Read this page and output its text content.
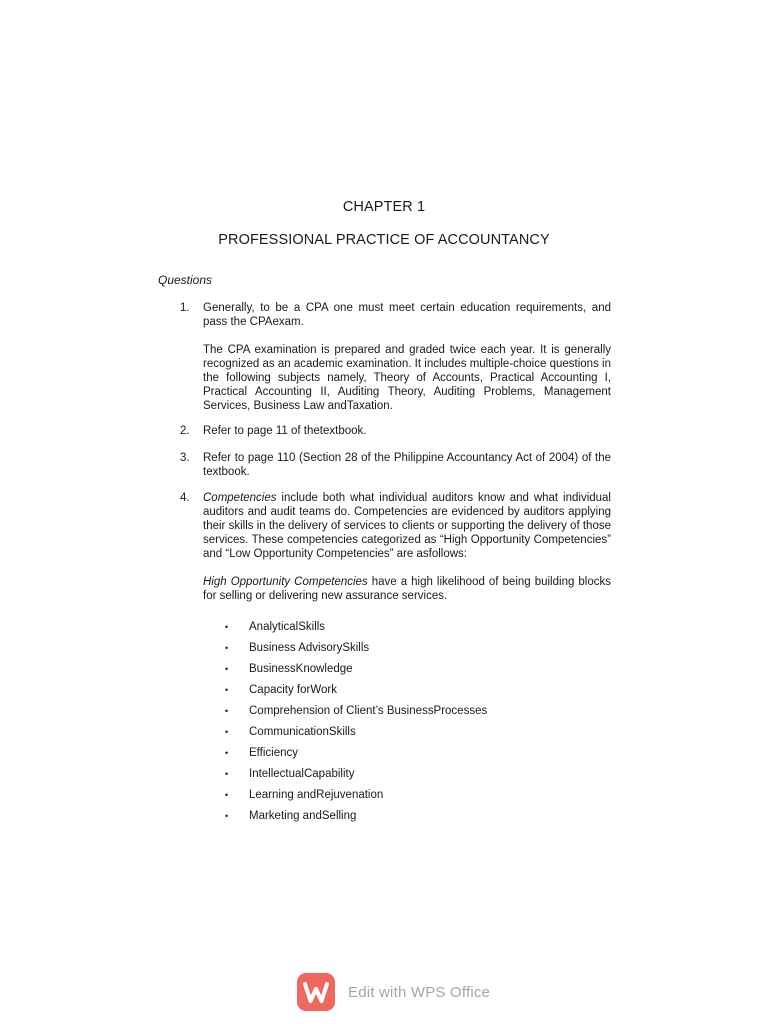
CHAPTER 1
PROFESSIONAL PRACTICE OF ACCOUNTANCY
Questions
1.	Generally, to be a CPA one must meet certain education requirements, and pass the CPAexam.

The CPA examination is prepared and graded twice each year. It is generally recognized as an academic examination. It includes multiple-choice questions in the following subjects namely, Theory of Accounts, Practical Accounting I, Practical Accounting II, Auditing Theory, Auditing Problems, Management Services, Business Law andTaxation.

2.	Refer to page 11 of thetextbook.

3.	Refer to page 110 (Section 28 of the Philippine Accountancy Act of 2004) of the textbook.

4.	Competencies include both what individual auditors know and what individual auditors and audit teams do. Competencies are evidenced by auditors applying their skills in the delivery of services to clients or supporting the delivery of those services. These competencies categorized as “High Opportunity Competencies” and “Low Opportunity Competencies” are asfollows:

High Opportunity Competencies have a high likelihood of being building blocks for selling or delivering new assurance services.

• AnalyticalSkills
• Business AdvisorySkills
• BusinessKnowledge
• Capacity forWork
• Comprehension of Client’s BusinessProcesses
• CommunicationSkills
• Efficiency
• IntellectualCapability
• Learning andRejuvenation
• Marketing andSelling
Edit with WPS Office
